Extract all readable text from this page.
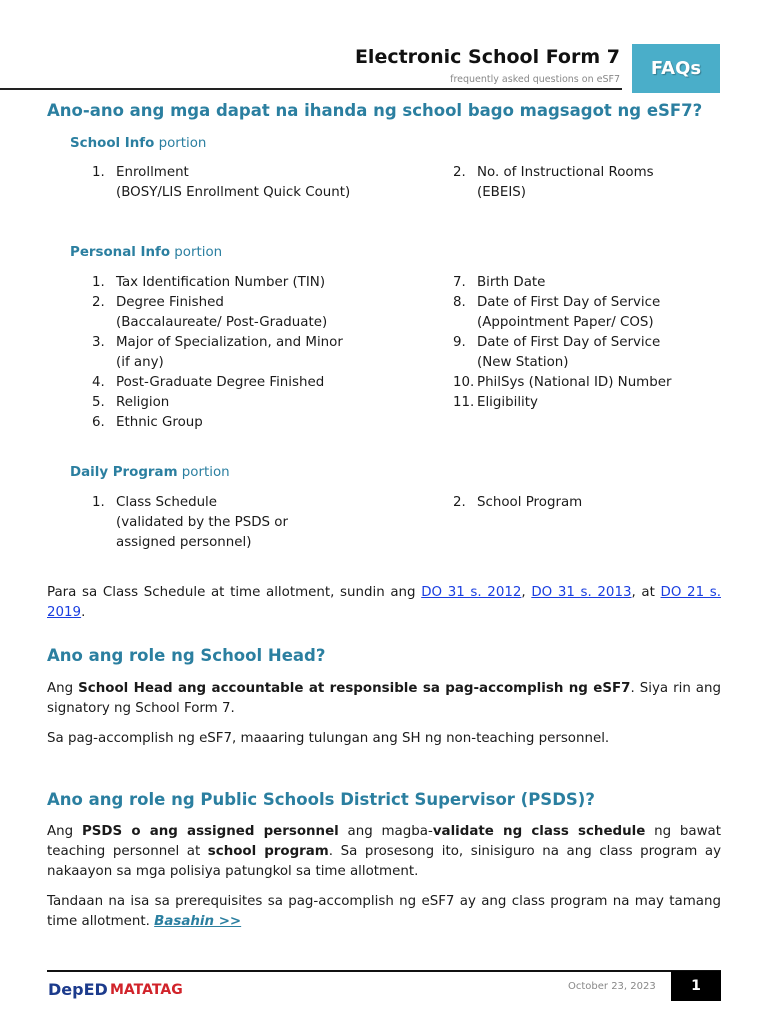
Electronic School Form 7
frequently asked questions on eSF7
FAQs
Ano-ano ang mga dapat na ihanda ng school bago magsagot ng eSF7?
School Info portion
1. Enrollment
(BOSY/LIS Enrollment Quick Count)
2. No. of Instructional Rooms
(EBEIS)
Personal Info portion
1. Tax Identification Number (TIN)
2. Degree Finished
(Baccalaureate/ Post-Graduate)
3. Major of Specialization, and Minor
(if any)
4. Post-Graduate Degree Finished
5. Religion
6. Ethnic Group
7. Birth Date
8. Date of First Day of Service
(Appointment Paper/ COS)
9. Date of First Day of Service
(New Station)
10. PhilSys (National ID) Number
11. Eligibility
Daily Program portion
1. Class Schedule
(validated by the PSDS or
assigned personnel)
2. School Program
Para sa Class Schedule at time allotment, sundin ang DO 31 s. 2012, DO 31 s. 2013, at DO 21 s. 2019.
Ano ang role ng School Head?
Ang School Head ang accountable at responsible sa pag-accomplish ng eSF7. Siya rin ang signatory ng School Form 7.
Sa pag-accomplish ng eSF7, maaaring tulungan ang SH ng non-teaching personnel.
Ano ang role ng Public Schools District Supervisor (PSDS)?
Ang PSDS o ang assigned personnel ang magba-validate ng class schedule ng bawat teaching personnel at school program. Sa prosesong ito, sinisiguro na ang class program ay nakaayon sa mga polisiya patungkol sa time allotment.
Tandaan na isa sa prerequisites sa pag-accomplish ng eSF7 ay ang class program na may tamang time allotment. Basahin >>
DepED MATATAG	October 23, 2023	1
